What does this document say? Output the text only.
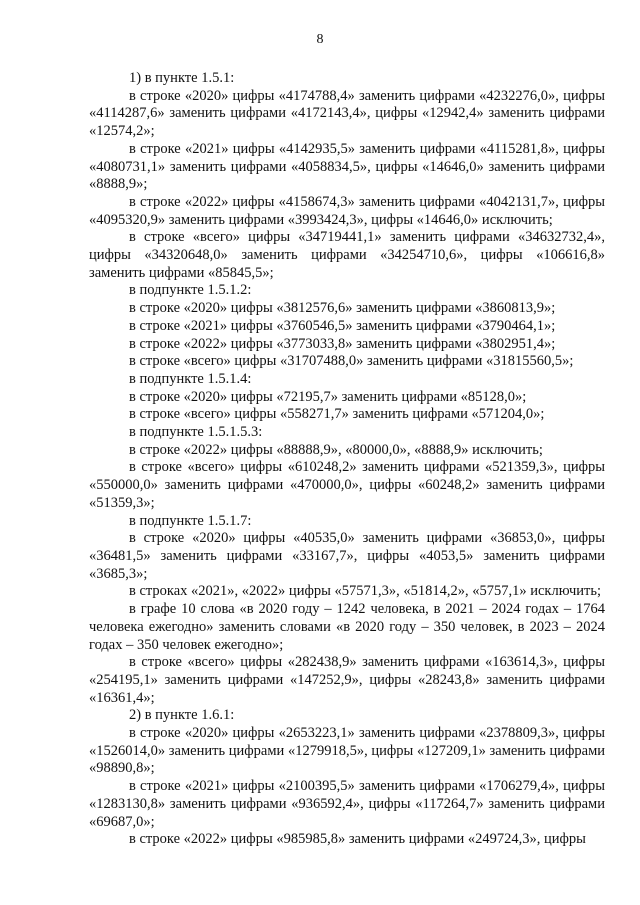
8

1) в пункте 1.5.1:

в строке «2020» цифры «4174788,4» заменить цифрами «4232276,0», цифры «4114287,6» заменить цифрами «4172143,4», цифры «12942,4» заменить цифрами «12574,2»;

в строке «2021» цифры «4142935,5» заменить цифрами «4115281,8», цифры «4080731,1» заменить цифрами «4058834,5», цифры «14646,0» заменить цифрами «8888,9»;

в строке «2022» цифры «4158674,3» заменить цифрами «4042131,7», цифры «4095320,9» заменить цифрами «3993424,3», цифры «14646,0» исключить;

в строке «всего» цифры «34719441,1» заменить цифрами «34632732,4», цифры «34320648,0» заменить цифрами «34254710,6», цифры «106616,8» заменить цифрами «85845,5»;

в подпункте 1.5.1.2:

в строке «2020» цифры «3812576,6» заменить цифрами «3860813,9»;

в строке «2021» цифры «3760546,5» заменить цифрами «3790464,1»;

в строке «2022» цифры «3773033,8» заменить цифрами «3802951,4»;

в строке «всего» цифры «31707488,0» заменить цифрами «31815560,5»;

в подпункте 1.5.1.4:

в строке «2020» цифры «72195,7» заменить цифрами «85128,0»;

в строке «всего» цифры «558271,7» заменить цифрами «571204,0»;

в подпункте 1.5.1.5.3:

в строке «2022» цифры «88888,9», «80000,0», «8888,9» исключить;

в строке «всего» цифры «610248,2» заменить цифрами «521359,3», цифры «550000,0» заменить цифрами «470000,0», цифры «60248,2» заменить цифрами «51359,3»;

в подпункте 1.5.1.7:

в строке «2020» цифры «40535,0» заменить цифрами «36853,0», цифры «36481,5» заменить цифрами «33167,7», цифры «4053,5» заменить цифрами «3685,3»;

в строках «2021», «2022» цифры «57571,3», «51814,2», «5757,1» исключить;

в графе 10 слова «в 2020 году – 1242 человека, в 2021 – 2024 годах – 1764 человека ежегодно» заменить словами «в 2020 году – 350 человек, в 2023 – 2024 годах – 350 человек ежегодно»;

в строке «всего» цифры «282438,9» заменить цифрами «163614,3», цифры «254195,1» заменить цифрами «147252,9», цифры «28243,8» заменить цифрами «16361,4»;

2) в пункте 1.6.1:

в строке «2020» цифры «2653223,1» заменить цифрами «2378809,3», цифры «1526014,0» заменить цифрами «1279918,5», цифры «127209,1» заменить цифрами «98890,8»;

в строке «2021» цифры «2100395,5» заменить цифрами «1706279,4», цифры «1283130,8» заменить цифрами «936592,4», цифры «117264,7» заменить цифрами «69687,0»;

в строке «2022» цифры «985985,8» заменить цифрами «249724,3», цифры
